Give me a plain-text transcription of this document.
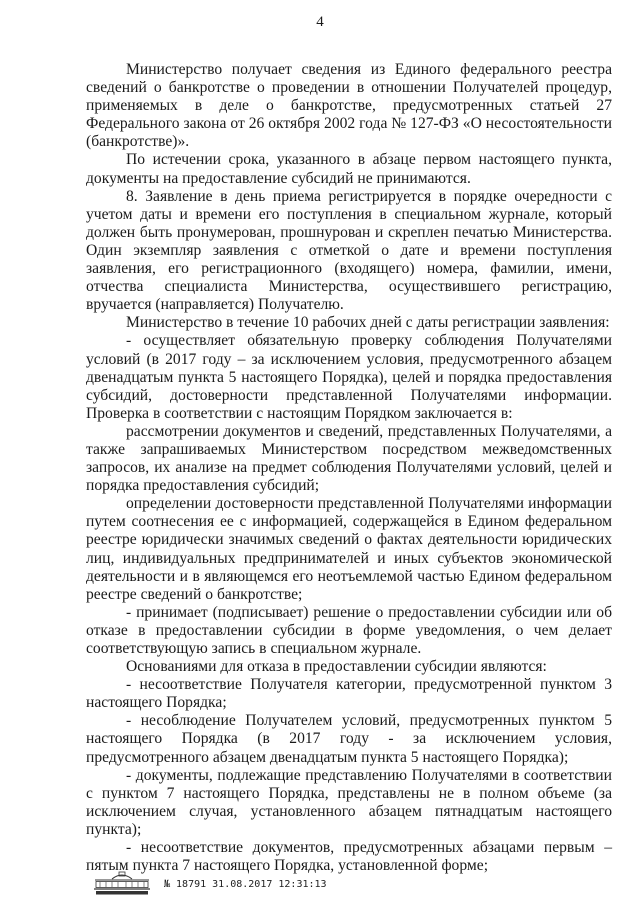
4

Министерство получает сведения из Единого федерального реестра сведений о банкротстве о проведении в отношении Получателей процедур, применяемых в деле о банкротстве, предусмотренных статьей 27 Федерального закона от 26 октября 2002 года № 127-ФЗ «О несостоятельности (банкротстве)».

По истечении срока, указанного в абзаце первом настоящего пункта, документы на предоставление субсидий не принимаются.

8. Заявление в день приема регистрируется в порядке очередности с учетом даты и времени его поступления в специальном журнале, который должен быть пронумерован, прошнурован и скреплен печатью Министерства. Один экземпляр заявления с отметкой о дате и времени поступления заявления, его регистрационного (входящего) номера, фамилии, имени, отчества специалиста Министерства, осуществившего регистрацию, вручается (направляется) Получателю.

Министерство в течение 10 рабочих дней с даты регистрации заявления:

- осуществляет обязательную проверку соблюдения Получателями условий (в 2017 году – за исключением условия, предусмотренного абзацем двенадцатым пункта 5 настоящего Порядка), целей и порядка предоставления субсидий, достоверности представленной Получателями информации. Проверка в соответствии с настоящим Порядком заключается в:

рассмотрении документов и сведений, представленных Получателями, а также запрашиваемых Министерством посредством межведомственных запросов, их анализе на предмет соблюдения Получателями условий, целей и порядка предоставления субсидий;

определении достоверности представленной Получателями информации путем соотнесения ее с информацией, содержащейся в Едином федеральном реестре юридически значимых сведений о фактах деятельности юридических лиц, индивидуальных предпринимателей и иных субъектов экономической деятельности и в являющемся его неотъемлемой частью Едином федеральном реестре сведений о банкротстве;

- принимает (подписывает) решение о предоставлении субсидии или об отказе в предоставлении субсидии в форме уведомления, о чем делает соответствующую запись в специальном журнале.

Основаниями для отказа в предоставлении субсидии являются:

- несоответствие Получателя категории, предусмотренной пунктом 3 настоящего Порядка;

- несоблюдение Получателем условий, предусмотренных пунктом 5 настоящего Порядка (в 2017 году - за исключением условия, предусмотренного абзацем двенадцатым пункта 5 настоящего Порядка);

- документы, подлежащие представлению Получателями в соответствии с пунктом 7 настоящего Порядка, представлены не в полном объеме (за исключением случая, установленного абзацем пятнадцатым настоящего пункта);

- несоответствие документов, предусмотренных абзацами первым – пятым пункта 7 настоящего Порядка, установленной форме;

№ 18791 31.08.2017 12:31:13
